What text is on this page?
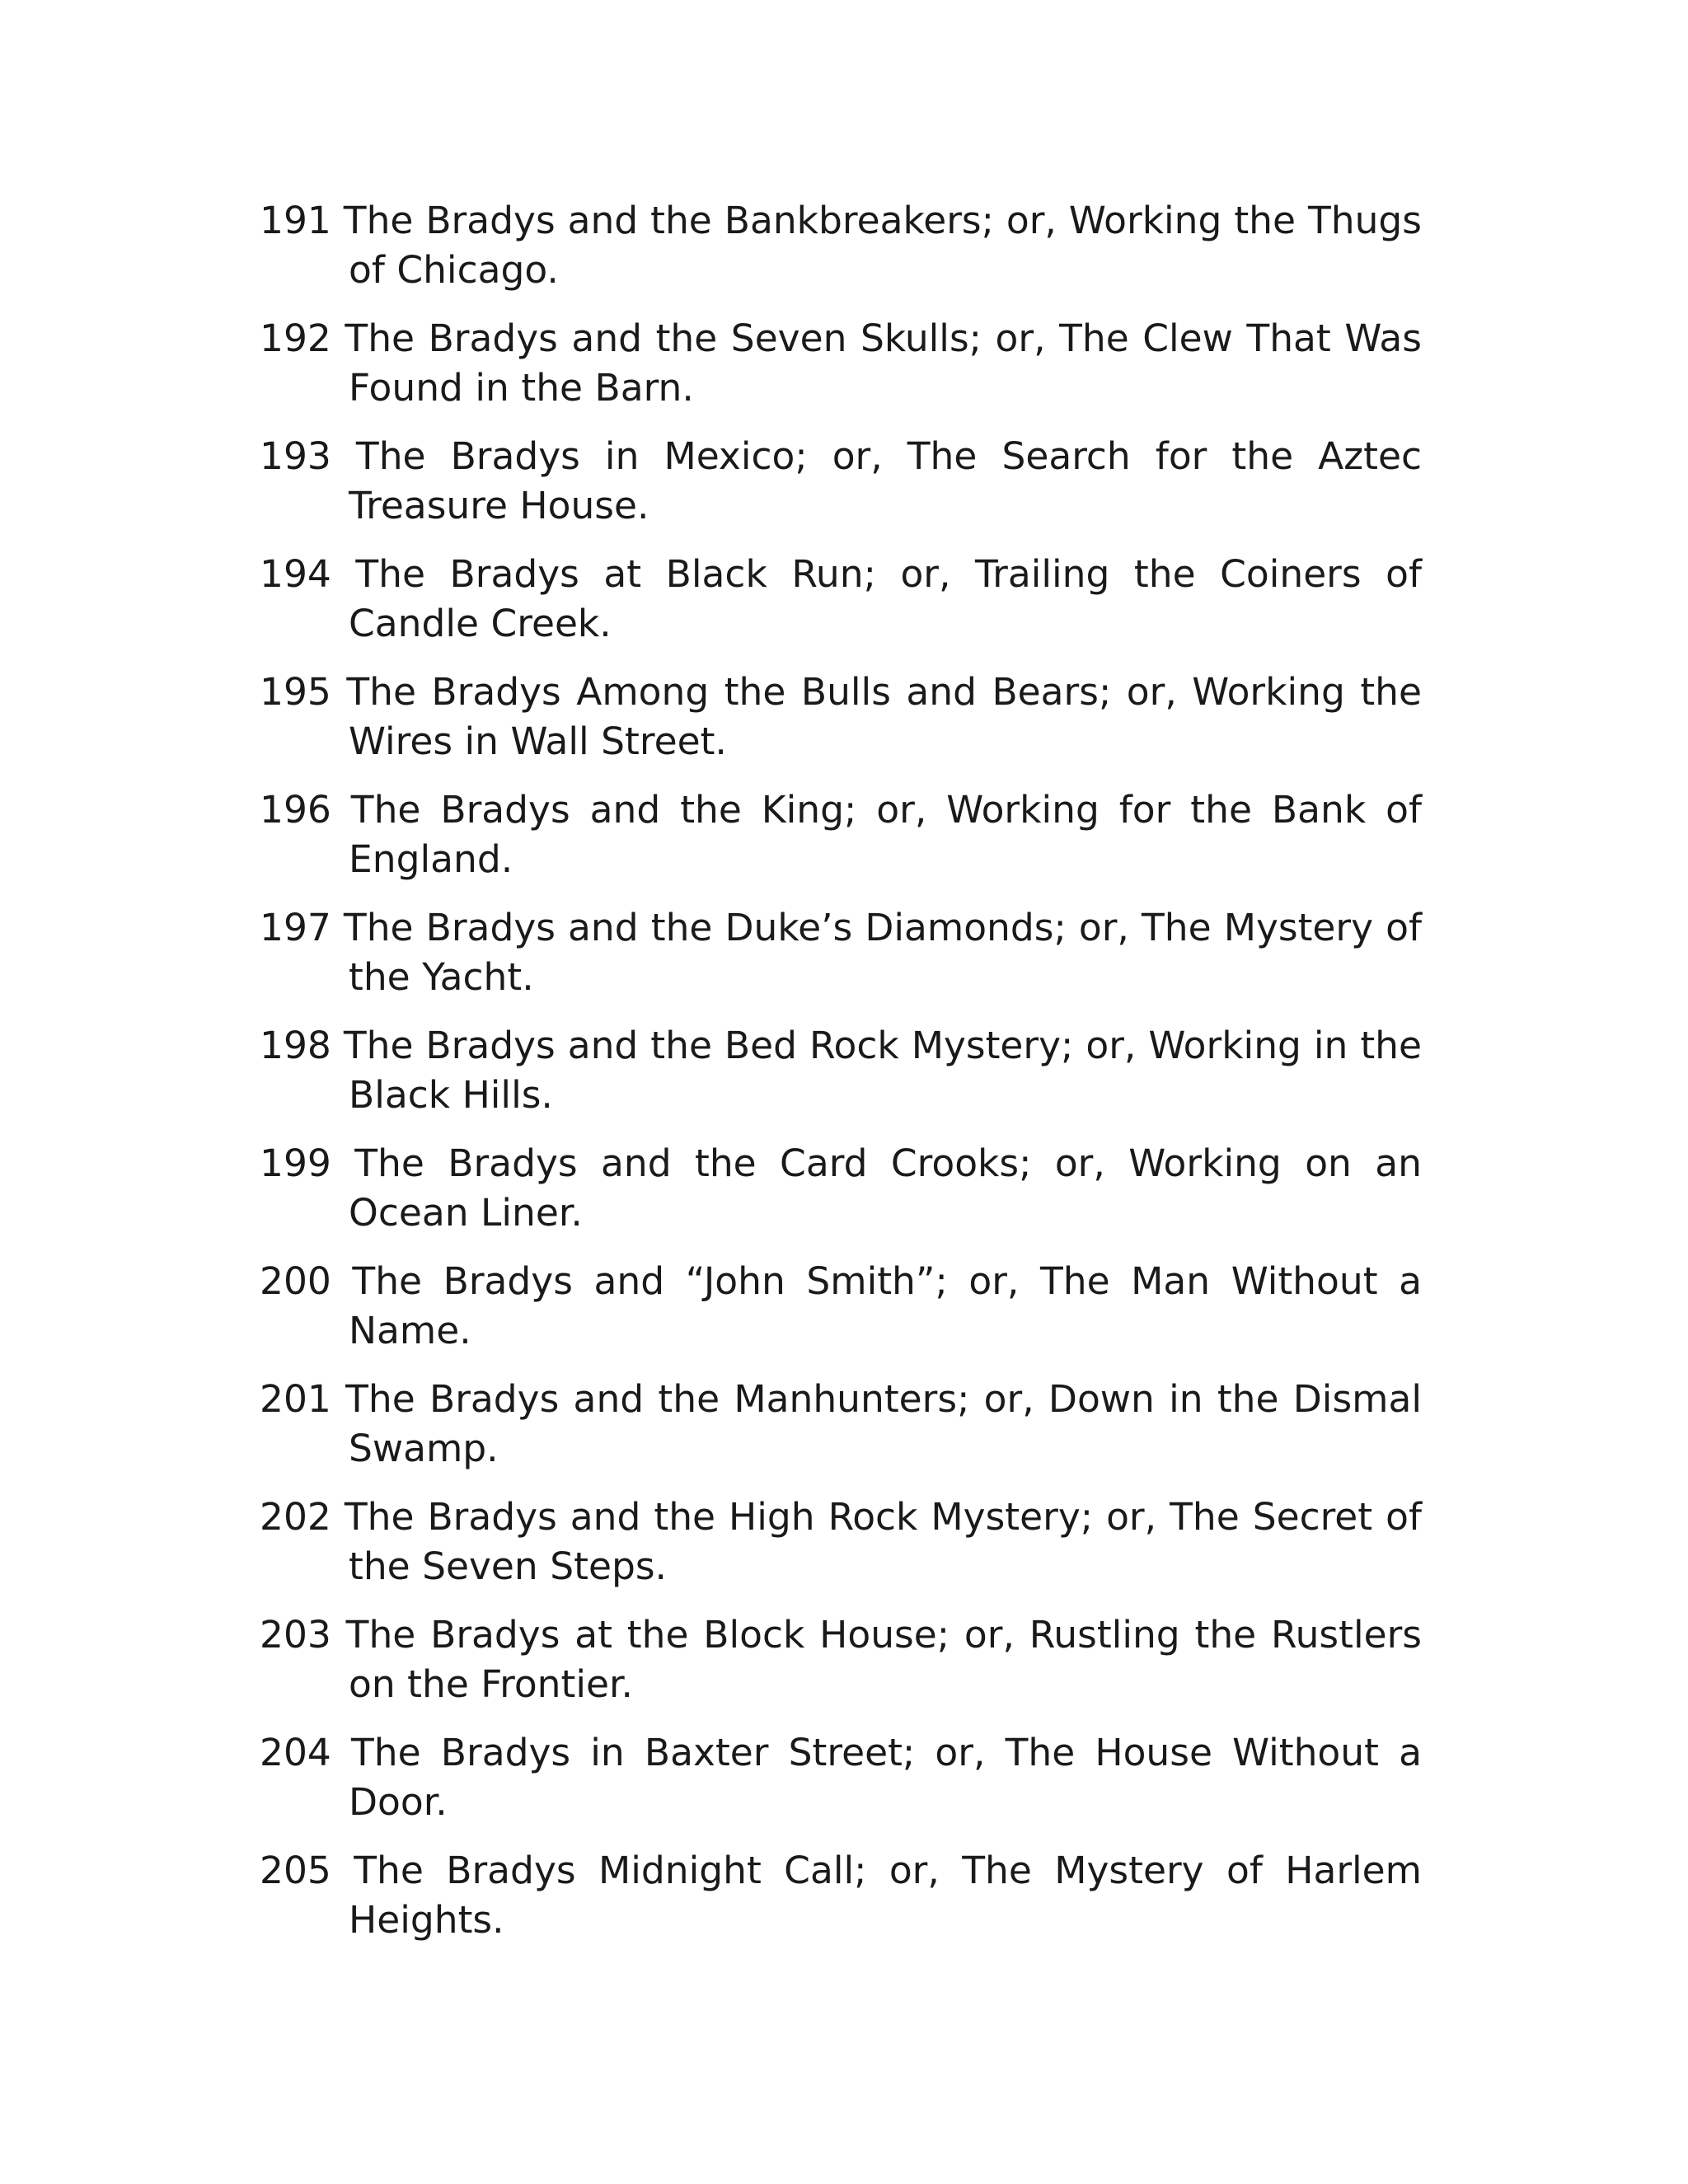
191 The Bradys and the Bankbreakers; or, Working the Thugs of Chicago.

192 The Bradys and the Seven Skulls; or, The Clew That Was Found in the Barn.

193 The Bradys in Mexico; or, The Search for the Aztec Treasure House.

194 The Bradys at Black Run; or, Trailing the Coiners of Candle Creek.

195 The Bradys Among the Bulls and Bears; or, Working the Wires in Wall Street.

196 The Bradys and the King; or, Working for the Bank of England.

197 The Bradys and the Duke’s Diamonds; or, The Mystery of the Yacht.

198 The Bradys and the Bed Rock Mystery; or, Working in the Black Hills.

199 The Bradys and the Card Crooks; or, Working on an Ocean Liner.

200 The Bradys and “John Smith”; or, The Man Without a Name.

201 The Bradys and the Manhunters; or, Down in the Dismal Swamp.

202 The Bradys and the High Rock Mystery; or, The Secret of the Seven Steps.

203 The Bradys at the Block House; or, Rustling the Rustlers on the Frontier.

204 The Bradys in Baxter Street; or, The House Without a Door.

205 The Bradys Midnight Call; or, The Mystery of Harlem Heights.
